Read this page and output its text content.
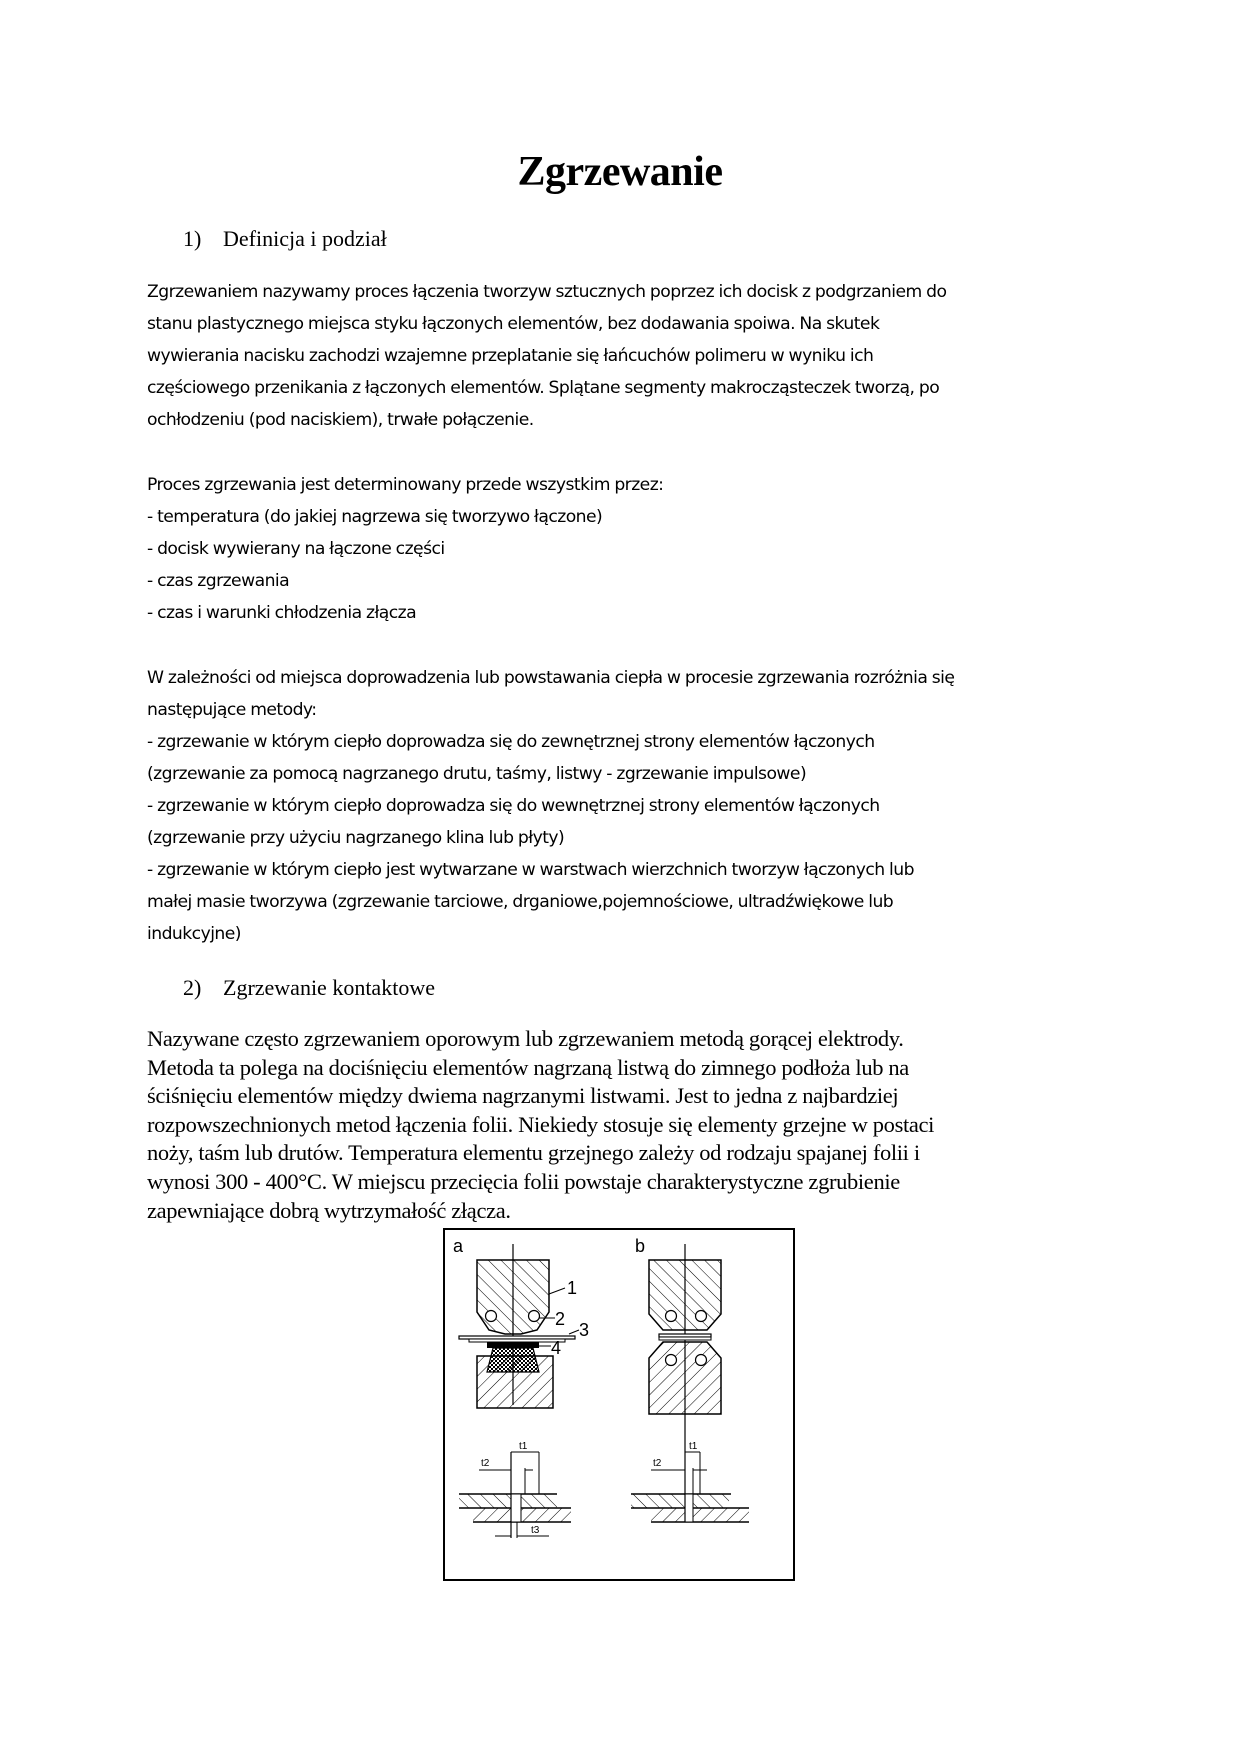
Zgrzewanie
1) Definicja i podział
Zgrzewaniem nazywamy proces łączenia tworzyw sztucznych poprzez ich docisk z podgrzaniem do
stanu plastycznego miejsca styku łączonych elementów, bez dodawania spoiwa. Na skutek
wywierania nacisku zachodzi wzajemne przeplatanie się łańcuchów polimeru w wyniku ich
częściowego przenikania z łączonych elementów. Splątane segmenty makrocząsteczek tworzą, po
ochłodzeniu (pod naciskiem), trwałe połączenie.
Proces zgrzewania jest determinowany przede wszystkim przez:
- temperatura (do jakiej nagrzewa się tworzywo łączone)
- docisk wywierany na łączone części
- czas zgrzewania
- czas i warunki chłodzenia złącza
W zależności od miejsca doprowadzenia lub powstawania ciepła w procesie zgrzewania rozróżnia się
następujące metody:
- zgrzewanie w którym ciepło doprowadza się do zewnętrznej strony elementów łączonych
(zgrzewanie za pomocą nagrzanego drutu, taśmy, listwy - zgrzewanie impulsowe)
- zgrzewanie w którym ciepło doprowadza się do wewnętrznej strony elementów łączonych
(zgrzewanie przy użyciu nagrzanego klina lub płyty)
- zgrzewanie w którym ciepło jest wytwarzane w warstwach wierzchnich tworzyw łączonych lub
małej masie tworzywa (zgrzewanie tarciowe, drganiowe,pojemnościowe, ultradźwiękowe lub
indukcyjne)
2) Zgrzewanie kontaktowe
Nazywane często zgrzewaniem oporowym lub zgrzewaniem metodą gorącej elektrody.
Metoda ta polega na dociśnięciu elementów nagrzaną listwą do zimnego podłoża lub na
ściśnięciu elementów między dwiema nagrzanymi listwami. Jest to jedna z najbardziej
rozpowszechnionych metod łączenia folii. Niekiedy stosuje się elementy grzejne w postaci
noży, taśm lub drutów. Temperatura elementu grzejnego zależy od rodzaju spajanej folii i
wynosi 300 - 400°C. W miejscu przecięcia folii powstaje charakterystyczne zgrubienie
zapewniające dobrą wytrzymałość złącza.
a	b
1
2
3
4
t1
t2
t3
t1
t2
